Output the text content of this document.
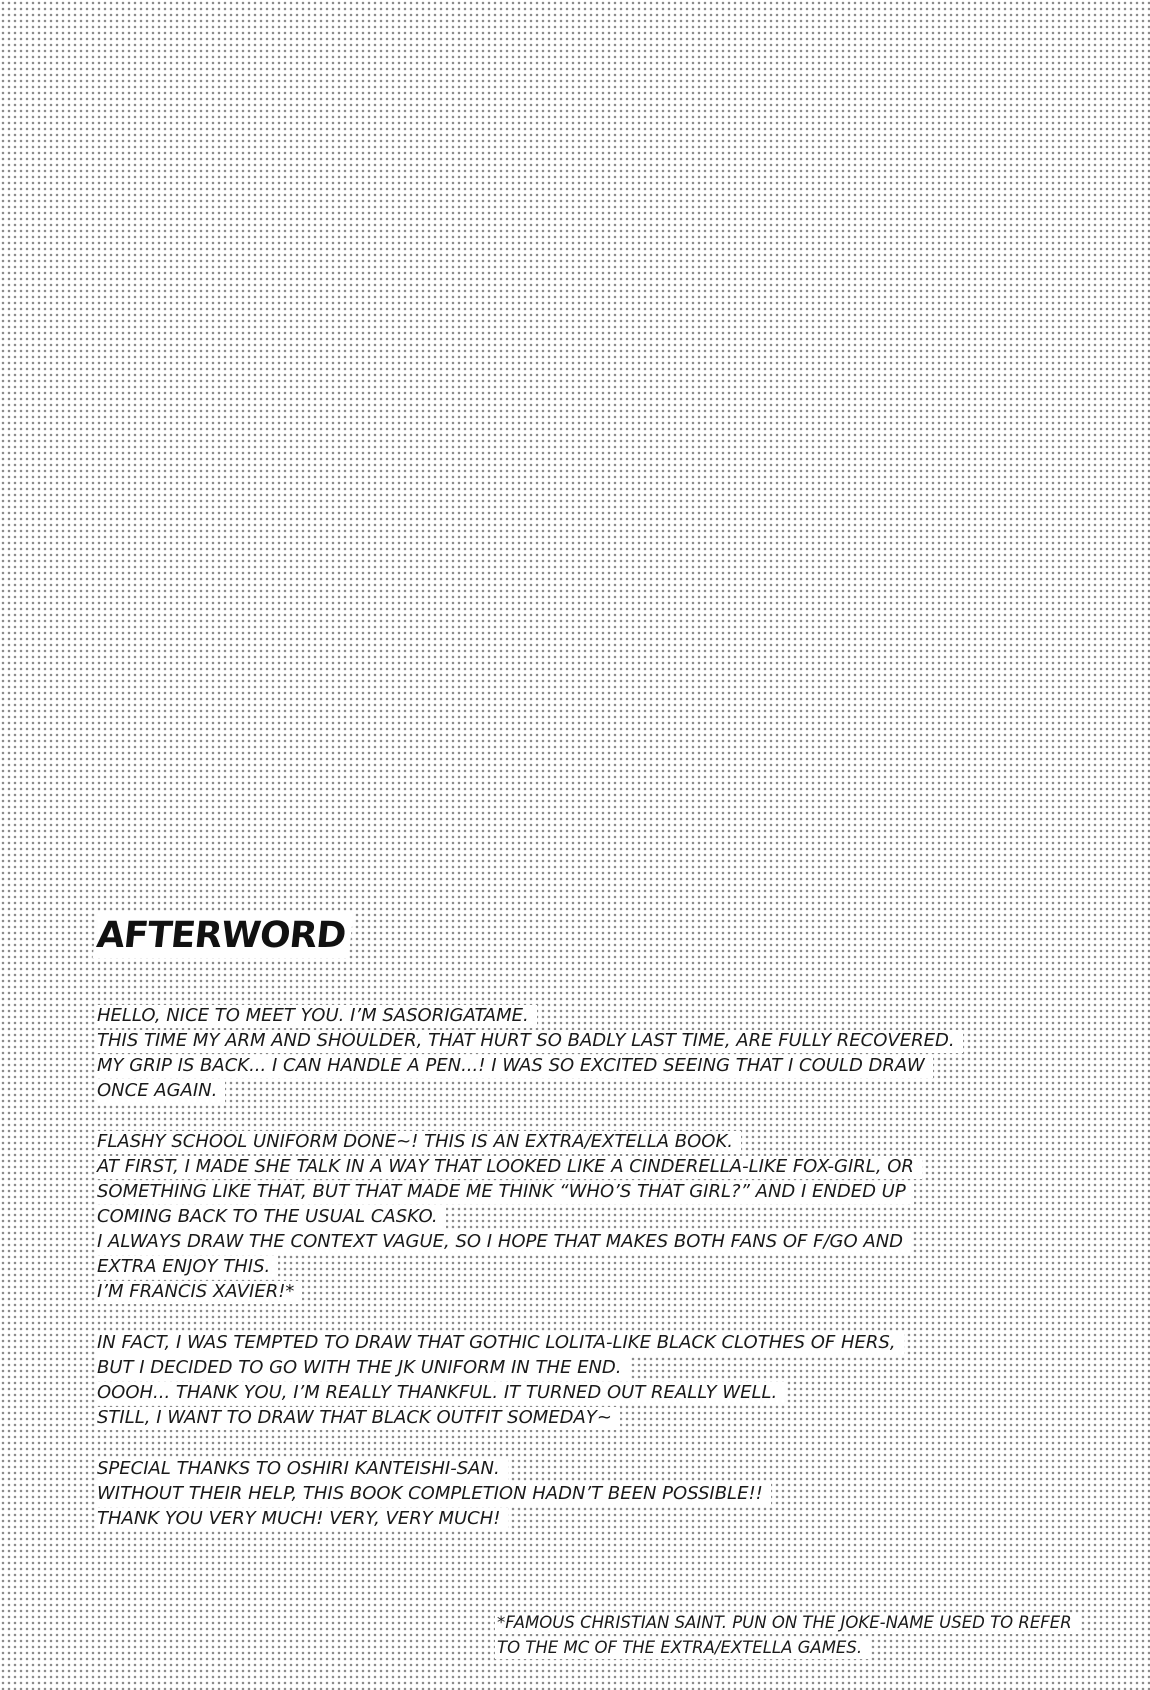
AFTERWORD
HELLO, NICE TO MEET YOU. I’M SASORIGATAME.
THIS TIME MY ARM AND SHOULDER, THAT HURT SO BADLY LAST TIME, ARE FULLY RECOVERED.
MY GRIP IS BACK... I CAN HANDLE A PEN...! I WAS SO EXCITED SEEING THAT I COULD DRAW
ONCE AGAIN.
FLASHY SCHOOL UNIFORM DONE~! THIS IS AN EXTRA/EXTELLA BOOK.
AT FIRST, I MADE SHE TALK IN A WAY THAT LOOKED LIKE A CINDERELLA-LIKE FOX-GIRL, OR
SOMETHING LIKE THAT, BUT THAT MADE ME THINK “WHO’S THAT GIRL?” AND I ENDED UP
COMING BACK TO THE USUAL CASKO.
I ALWAYS DRAW THE CONTEXT VAGUE, SO I HOPE THAT MAKES BOTH FANS OF F/GO AND
EXTRA ENJOY THIS.
I’M FRANCIS XAVIER!*
IN FACT, I WAS TEMPTED TO DRAW THAT GOTHIC LOLITA-LIKE BLACK CLOTHES OF HERS,
BUT I DECIDED TO GO WITH THE JK UNIFORM IN THE END.
OOOH... THANK YOU, I’M REALLY THANKFUL. IT TURNED OUT REALLY WELL.
STILL, I WANT TO DRAW THAT BLACK OUTFIT SOMEDAY~
SPECIAL THANKS TO OSHIRI KANTEISHI-SAN.
WITHOUT THEIR HELP, THIS BOOK COMPLETION HADN’T BEEN POSSIBLE!!
THANK YOU VERY MUCH! VERY, VERY MUCH!
*FAMOUS CHRISTIAN SAINT. PUN ON THE JOKE-NAME USED TO REFER
TO THE MC OF THE EXTRA/EXTELLA GAMES.
